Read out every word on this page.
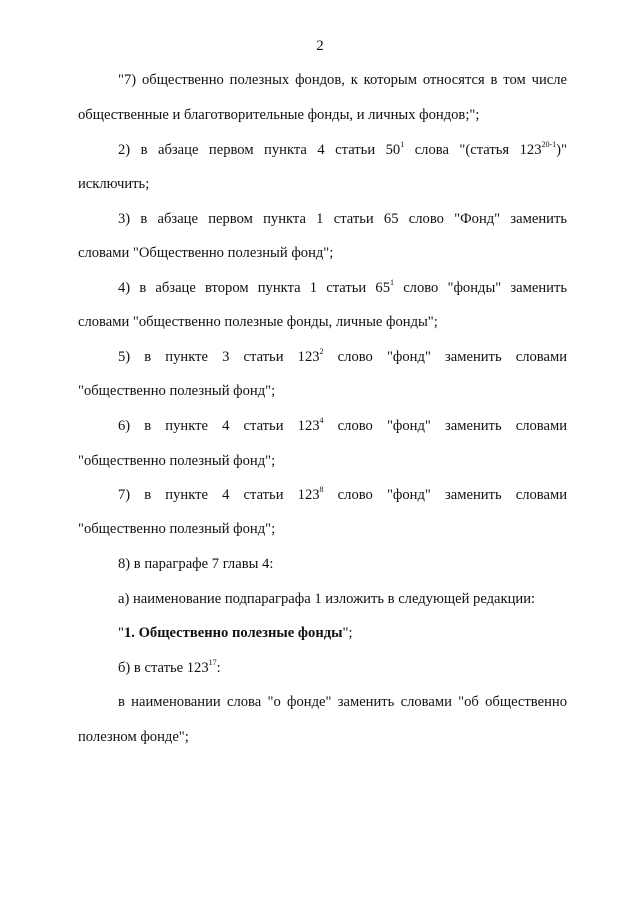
2
"7) общественно полезных фондов, к которым относятся в том числе
общественные и благотворительные фонды, и личных фондов;";
2) в абзаце первом пункта 4 статьи $50^1$ слова "(статья 123$^{20-1}$)"
исключить;
3) в абзаце первом пункта 1 статьи 65 слово "Фонд" заменить
словами "Общественно полезный фонд";
4) в абзаце втором пункта 1 статьи $65^1$ слово "фонды" заменить
словами "общественно полезные фонды, личные фонды";
5) в пункте 3 статьи $123^2$ слово "фонд" заменить словами
"общественно полезный фонд";
6) в пункте 4 статьи $123^4$ слово "фонд" заменить словами
"общественно полезный фонд";
7) в пункте 4 статьи $123^8$ слово "фонд" заменить словами
"общественно полезный фонд";
8) в параграфе 7 главы 4:
а) наименование подпараграфа 1 изложить в следующей редакции:
"1. Общественно полезные фонды";
б) в статье $123^{17}$:
в наименовании слова "о фонде" заменить словами "об общественно
полезном фонде";
